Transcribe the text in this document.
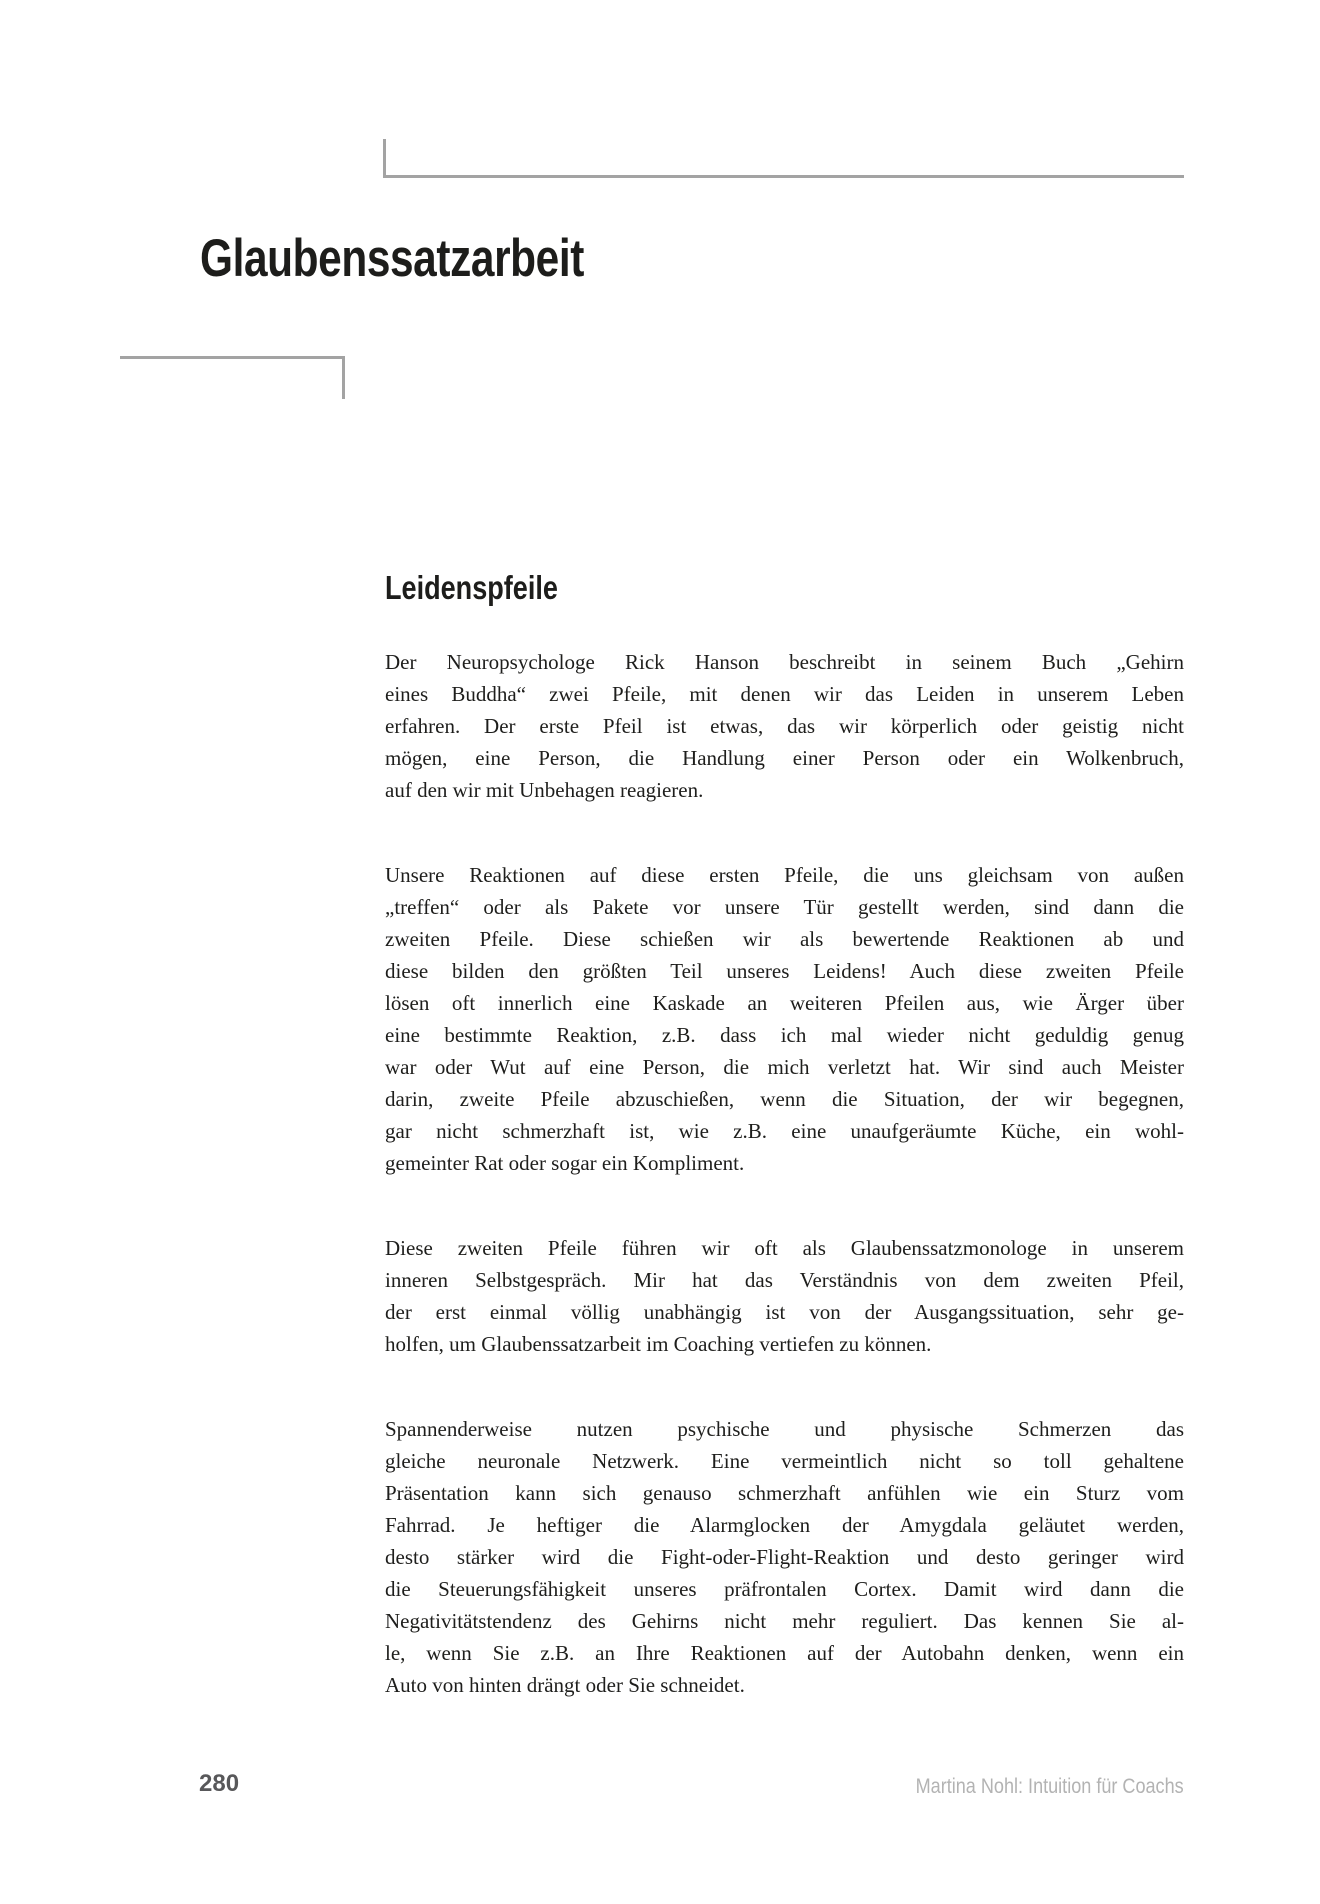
Glaubenssatzarbeit
Leidenspfeile
Der Neuropsychologe Rick Hanson beschreibt in seinem Buch „Gehirn
eines Buddha“ zwei Pfeile, mit denen wir das Leiden in unserem Leben
erfahren. Der erste Pfeil ist etwas, das wir körperlich oder geistig nicht
mögen, eine Person, die Handlung einer Person oder ein Wolkenbruch,
auf den wir mit Unbehagen reagieren.
Unsere Reaktionen auf diese ersten Pfeile, die uns gleichsam von außen
„treffen“ oder als Pakete vor unsere Tür gestellt werden, sind dann die
zweiten Pfeile. Diese schießen wir als bewertende Reaktionen ab und
diese bilden den größten Teil unseres Leidens! Auch diese zweiten Pfeile
lösen oft innerlich eine Kaskade an weiteren Pfeilen aus, wie Ärger über
eine bestimmte Reaktion, z.B. dass ich mal wieder nicht geduldig genug
war oder Wut auf eine Person, die mich verletzt hat. Wir sind auch Meister
darin, zweite Pfeile abzuschießen, wenn die Situation, der wir begegnen,
gar nicht schmerzhaft ist, wie z.B. eine unaufgeräumte Küche, ein wohl-
gemeinter Rat oder sogar ein Kompliment.
Diese zweiten Pfeile führen wir oft als Glaubenssatzmonologe in unserem
inneren Selbstgespräch. Mir hat das Verständnis von dem zweiten Pfeil,
der erst einmal völlig unabhängig ist von der Ausgangssituation, sehr ge-
holfen, um Glaubenssatzarbeit im Coaching vertiefen zu können.
Spannenderweise nutzen psychische und physische Schmerzen das
gleiche neuronale Netzwerk. Eine vermeintlich nicht so toll gehaltene
Präsentation kann sich genauso schmerzhaft anfühlen wie ein Sturz vom
Fahrrad. Je heftiger die Alarmglocken der Amygdala geläutet werden,
desto stärker wird die Fight-oder-Flight-Reaktion und desto geringer wird
die Steuerungsfähigkeit unseres präfrontalen Cortex. Damit wird dann die
Negativitätstendenz des Gehirns nicht mehr reguliert. Das kennen Sie al-
le, wenn Sie z.B. an Ihre Reaktionen auf der Autobahn denken, wenn ein
Auto von hinten drängt oder Sie schneidet.
280	Martina Nohl: Intuition für Coachs
